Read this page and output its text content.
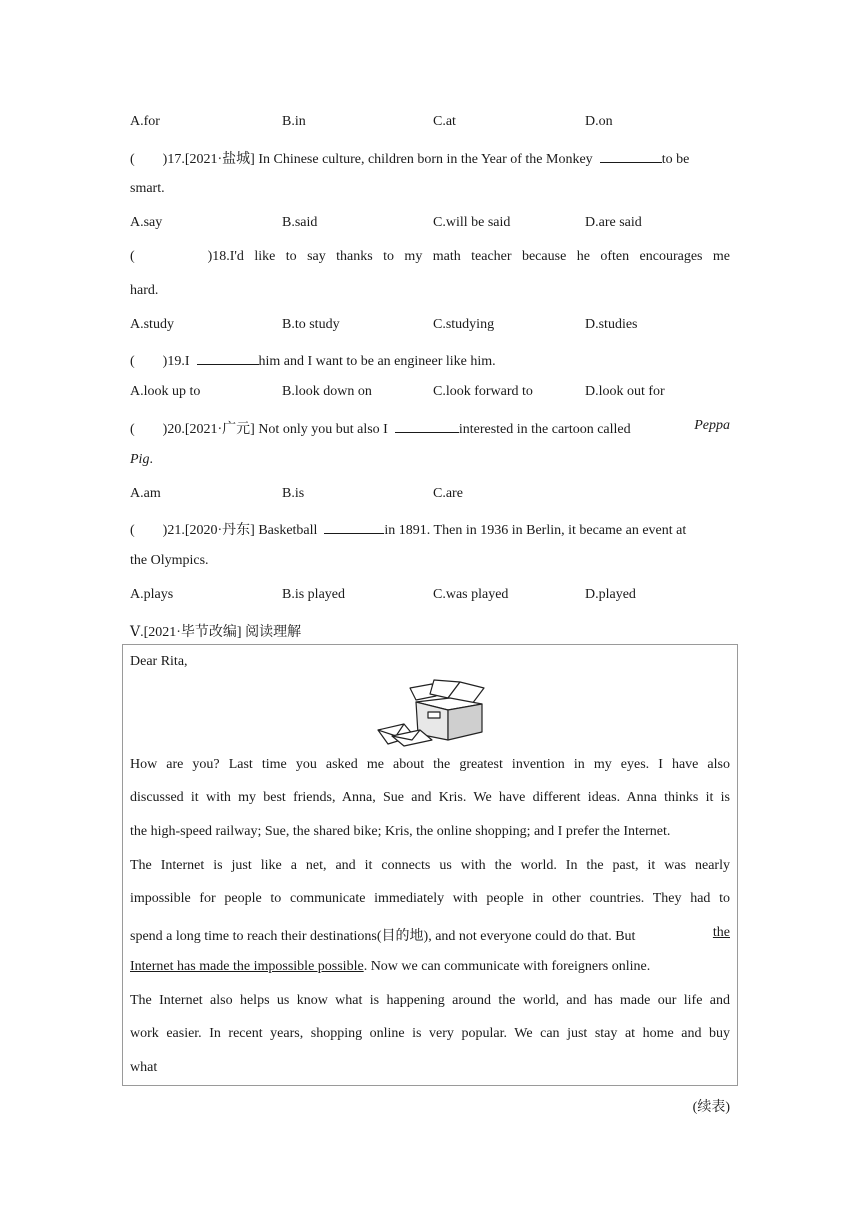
A.for	B.in	C.at	D.on
( )17.[2021·盐城] In Chinese culture, children born in the Year of the Monkey	to be
smart.
A.say	B.said	C.will be said	D.are said
(       )18.I'd like to say thanks to my math teacher because he often encourages me
hard.
A.study	B.to study	C.studying	D.studies
( )19.I	him and I want to be an engineer like him.
A.look up to	B.look down on	C.look forward to	D.look out for
( )20.[2021·广元] Not only you but also I	interested in the cartoon called	Peppa
Pig.
A.am	B.is	C.are
( )21.[2020·丹东] Basketball	in 1891. Then in 1936 in Berlin, it became an event at
the Olympics.
A.plays	B.is played	C.was played	D.played
Ⅴ.[2021·毕节改编] 阅读理解
Dear Rita,
How are you? Last time you asked me about the greatest invention in my eyes. I have also
discussed it with my best friends, Anna, Sue and Kris. We have different ideas. Anna thinks it is
the high-speed railway; Sue, the shared bike; Kris, the online shopping; and I prefer the Internet.
The Internet is just like a net, and it connects us with the world. In the past, it was nearly
impossible for people to communicate immediately with people in other countries. They had to
spend a long time to reach their destinations(目的地), and not everyone could do that. But	the
Internet has made the impossible possible. Now we can communicate with foreigners online.
The Internet also helps us know what is happening around the world, and has made our life and
work easier. In recent years, shopping online is very popular. We can just stay at home and buy
what
(续表)
